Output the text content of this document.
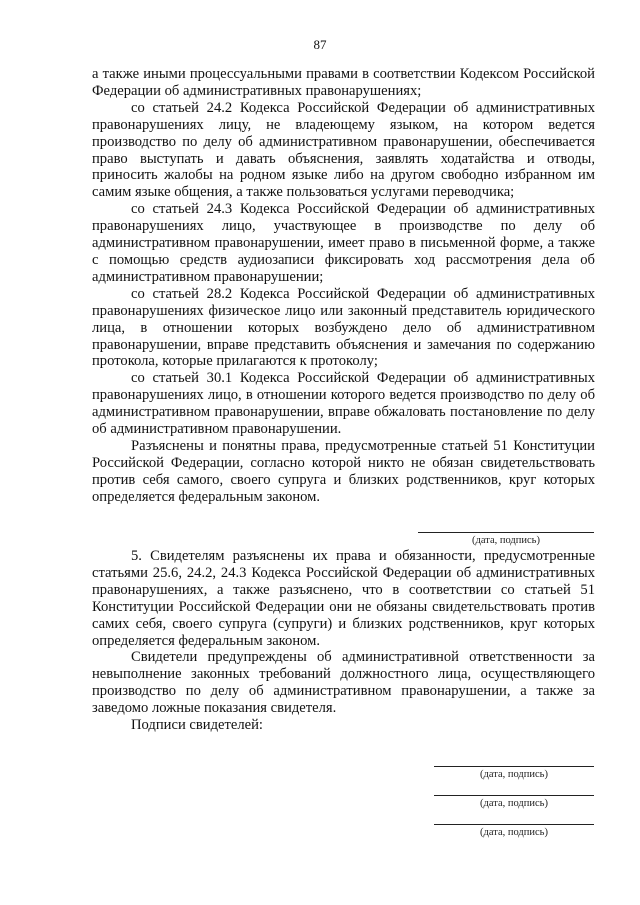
87

а также иными процессуальными правами в соответствии Кодексом Российской Федерации об административных правонарушениях;

со статьей 24.2 Кодекса Российской Федерации об административных правонарушениях лицу, не владеющему языком, на котором ведется производство по делу об административном правонарушении, обеспечивается право выступать и давать объяснения, заявлять ходатайства и отводы, приносить жалобы на родном языке либо на другом свободно избранном им самим языке общения, а также пользоваться услугами переводчика;

со статьей 24.3 Кодекса Российской Федерации об административных правонарушениях лицо, участвующее в производстве по делу об административном правонарушении, имеет право в письменной форме, а также с помощью средств аудиозаписи фиксировать ход рассмотрения дела об административном правонарушении;

со статьей 28.2 Кодекса Российской Федерации об административных правонарушениях физическое лицо или законный представитель юридического лица, в отношении которых возбуждено дело об административном правонарушении, вправе представить объяснения и замечания по содержанию протокола, которые прилагаются к протоколу;

со статьей 30.1 Кодекса Российской Федерации об административных правонарушениях лицо, в отношении которого ведется производство по делу об административном правонарушении, вправе обжаловать постановление по делу об административном правонарушении.

Разъяснены и понятны права, предусмотренные статьей 51 Конституции Российской Федерации, согласно которой никто не обязан свидетельствовать против себя самого, своего супруга и близких родственников, круг которых определяется федеральным законом.

(дата, подпись)

5. Свидетелям разъяснены их права и обязанности, предусмотренные статьями 25.6, 24.2, 24.3 Кодекса Российской Федерации об административных правонарушениях, а также разъяснено, что в соответствии со статьей 51 Конституции Российской Федерации они не обязаны свидетельствовать против самих себя, своего супруга (супруги) и близких родственников, круг которых определяется федеральным законом.

Свидетели предупреждены об административной ответственности за невыполнение законных требований должностного лица, осуществляющего производство по делу об административном правонарушении, а также за заведомо ложные показания свидетеля.

Подписи свидетелей:

(дата, подпись)
(дата, подпись)
(дата, подпись)
